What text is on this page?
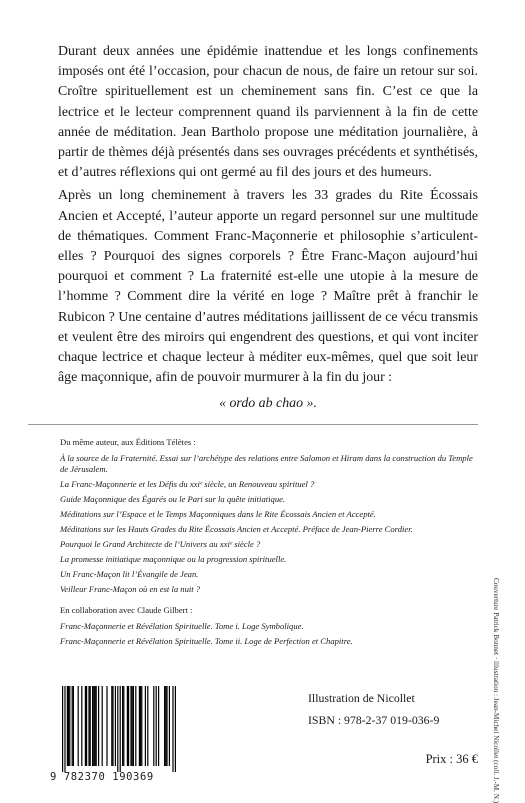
Durant deux années une épidémie inattendue et les longs confinements imposés ont été l’occasion, pour chacun de nous, de faire un retour sur soi. Croître spirituellement est un cheminement sans fin. C’est ce que la lectrice et le lecteur comprennent quand ils parviennent à la fin de cette année de méditation. Jean Bartholo propose une méditation journalière, à partir de thèmes déjà présentés dans ses ouvrages précédents et synthétisés, et d’autres réflexions qui ont germé au fil des jours et des humeurs.

Après un long cheminement à travers les 33 grades du Rite Écossais Ancien et Accepté, l’auteur apporte un regard personnel sur une multitude de thématiques. Comment Franc-Maçonnerie et philosophie s’articulent-elles ? Pourquoi des signes corporels ? Être Franc-Maçon aujourd’hui pourquoi et comment ? La fraternité est-elle une utopie à la mesure de l’homme ? Comment dire la vérité en loge ? Maître prêt à franchir le Rubicon ? Une centaine d’autres méditations jaillissent de ce vécu transmis et veulent être des miroirs qui engendrent des questions, et qui vont inciter chaque lectrice et chaque lecteur à méditer eux-mêmes, quel que soit leur âge maçonnique, afin de pouvoir murmurer à la fin du jour :

« ordo ab chao ».

Du même auteur, aux Éditions Télètes :

À la source de la Fraternité. Essai sur l’archétype des relations entre Salomon et Hiram dans la construction du Temple de Jérusalem.
La Franc-Maçonnerie et les Défis du xxiᵉ siècle, un Renouveau spirituel ?
Guide Maçonnique des Égarés ou le Pari sur la quête initiatique.
Méditations sur l’Espace et le Temps Maçonniques dans le Rite Écossais Ancien et Accepté.
Méditations sur les Hauts Grades du Rite Écossais Ancien et Accepté. Préface de Jean-Pierre Cordier.
Pourquoi le Grand Architecte de l’Univers au xxiᵉ siècle ?
La promesse initiatique maçonnique ou la progression spirituelle.
Un Franc-Maçon lit l’Évangile de Jean.
Veilleur Franc-Maçon où en est la nuit ?

En collaboration avec Claude Gilbert :

Franc-Maçonnerie et Révélation Spirituelle. Tome i. Loge Symbolique.
Franc-Maçonnerie et Révélation Spirituelle. Tome ii. Loge de Perfection et Chapitre.	Couverture Patrick Bonnet · illustration : Jean-Michel Nicollet (coll. J.-M. N.)
9 782370 190369
Illustration de Nicollet
ISBN : 978-2-37 019-036-9
Prix : 36 €
